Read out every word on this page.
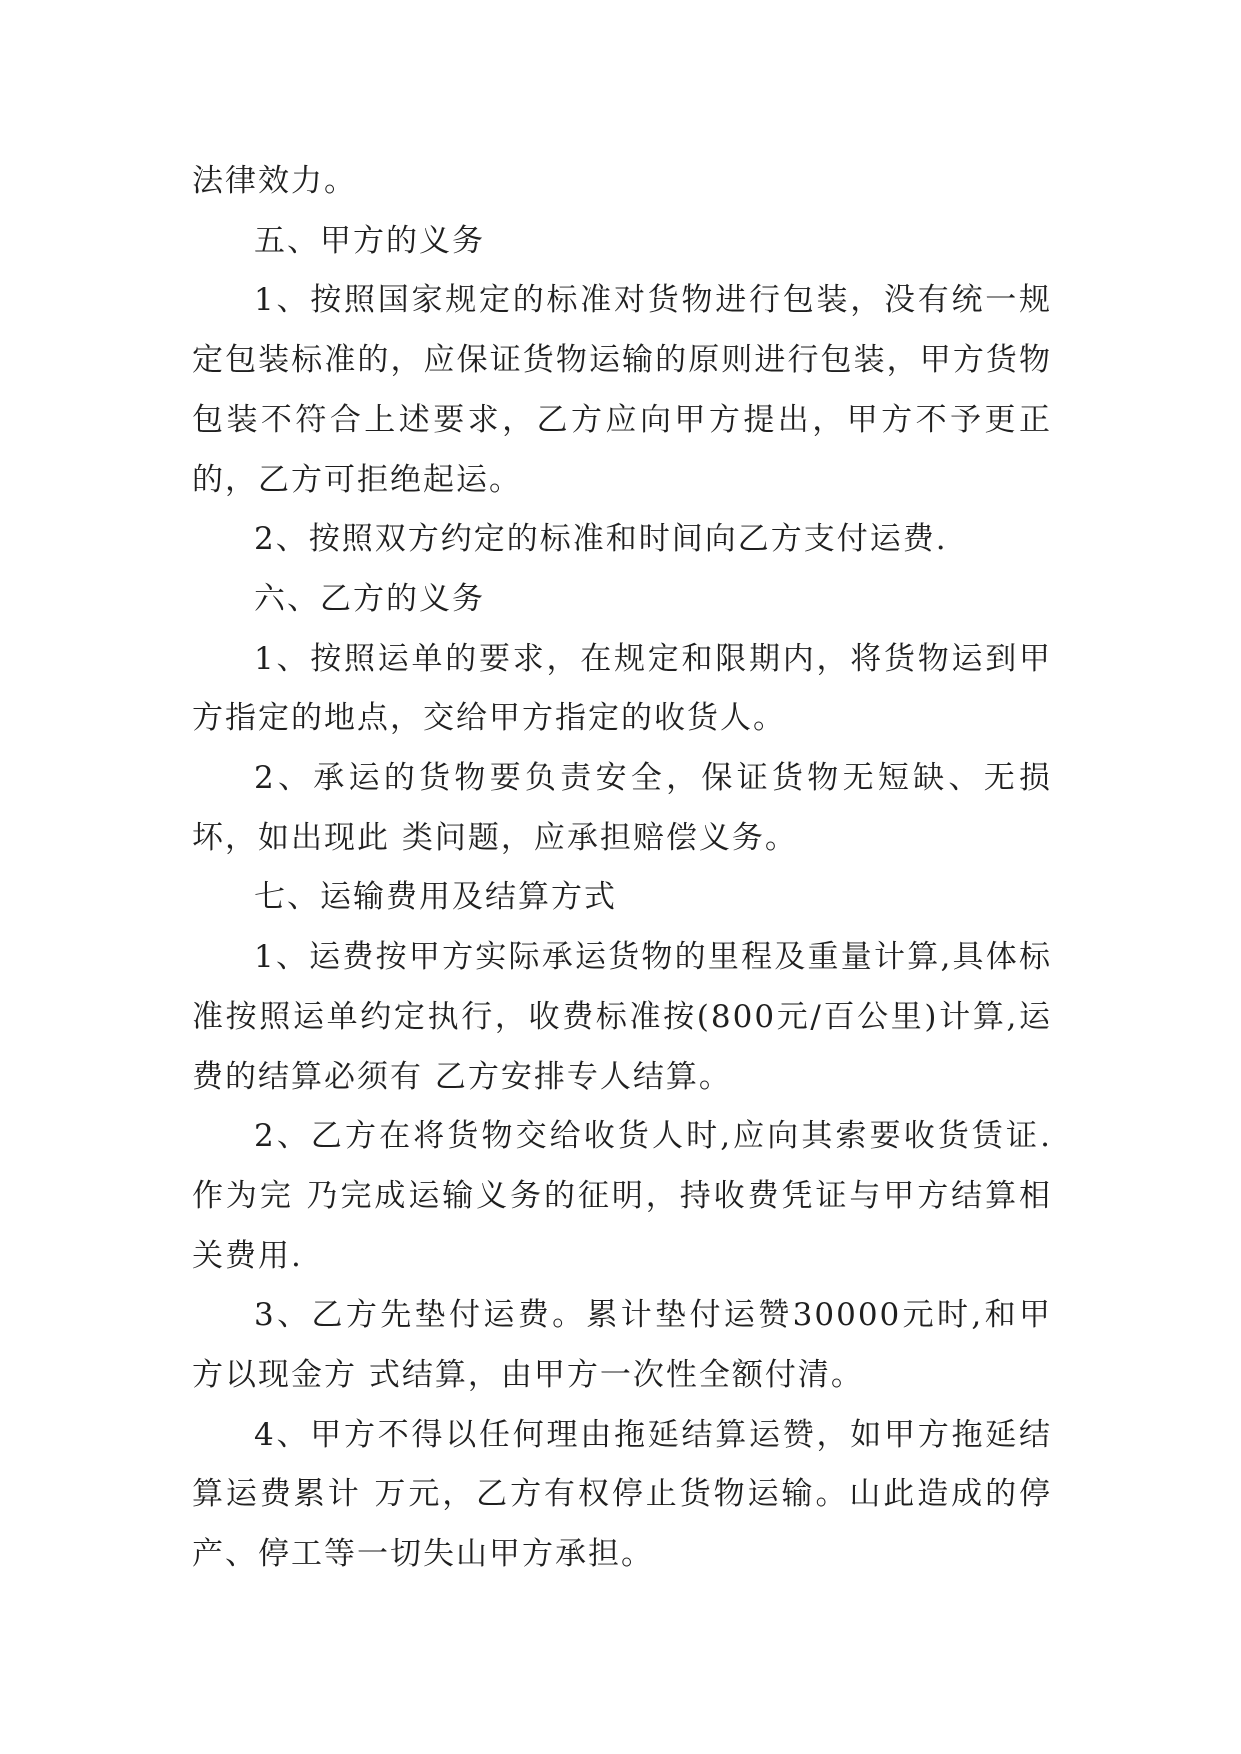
法律效力。

五、甲方的义务

1、按照国家规定的标准对货物进行包装，没有统一规定包装标准的，应保证货物运输的原则进行包装，甲方货物包装不符合上述要求，乙方应向甲方提出，甲方不予更正的，乙方可拒绝起运。

2、按照双方约定的标准和时间向乙方支付运费.

六、乙方的义务

1、按照运单的要求，在规定和限期内，将货物运到甲方指定的地点，交给甲方指定的收货人。

2、承运的货物要负责安全，保证货物无短缺、无损坏，如出现此 类问题，应承担赔偿义务。

七、运输费用及结算方式

1、运费按甲方实际承运货物的里程及重量计算,具体标准按照运单约定执行，收费标准按(800元/百公里)计算,运费的结算必须有 乙方安排专人结算。

2、乙方在将货物交给收货人时,应向其索要收货赁证.作为完 乃完成运输义务的征明，持收费凭证与甲方结算相关费用.

3、乙方先垫付运费。累计垫付运赞30000元时,和甲方以现金方 式结算，由甲方一次性全额付清。

4、甲方不得以任何理由拖延结算运赞，如甲方拖延结算运费累计 万元，乙方有权停止货物运输。山此造成的停产、停工等一切失山甲方承担。
